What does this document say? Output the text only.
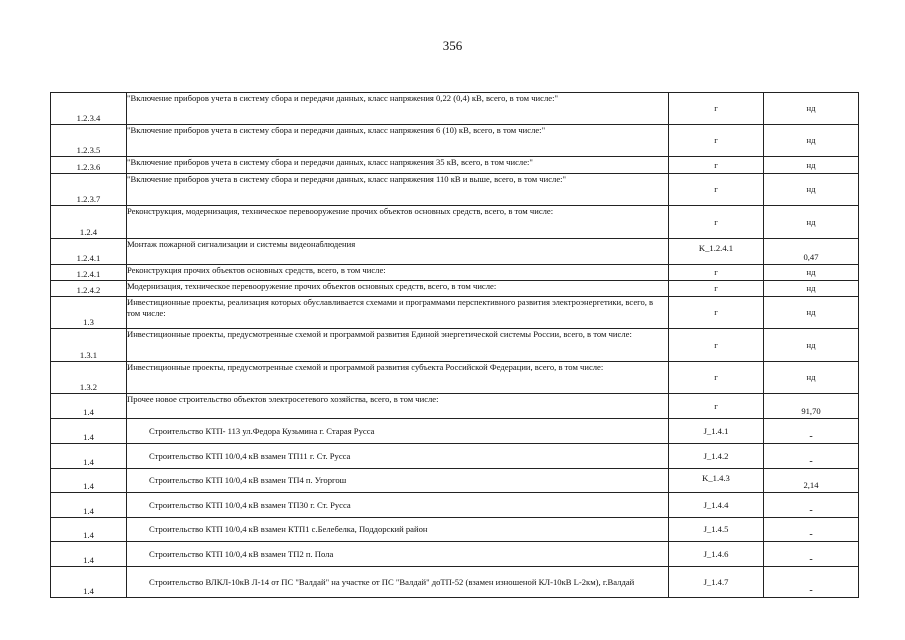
356
1.2.3.4	"Включение приборов учета в систему сбора и передачи данных, класс напряжения 0,22 (0,4) кВ, всего, в том числе:"	г	нд
1.2.3.5	"Включение приборов учета в систему сбора и передачи данных, класс напряжения 6 (10) кВ, всего, в том числе:"	г	нд
1.2.3.6	"Включение приборов учета в систему сбора и передачи данных, класс напряжения 35 кВ, всего, в том числе:"	г	нд
1.2.3.7	"Включение приборов учета в систему сбора и передачи данных, класс напряжения 110 кВ и выше, всего, в том числе:"	г	нд
1.2.4	Реконструкция, модернизация, техническое перевооружение прочих объектов основных средств, всего, в том числе:	г	нд
1.2.4.1	Монтаж пожарной сигнализации и системы видеонаблюдения	K_1.2.4.1	0,47
1.2.4.1	Реконструкция прочих объектов основных средств, всего, в том числе:	г	нд
1.2.4.2	Модернизация, техническое перевооружение прочих объектов основных средств, всего, в том числе:	г	нд
1.3	Инвестиционные проекты, реализация которых обуславливается схемами и программами перспективного развития электроэнергетики, всего, в том числе:	г	нд
1.3.1	Инвестиционные проекты, предусмотренные схемой и программой развития Единой энергетической системы России, всего, в том числе:	г	нд
1.3.2	Инвестиционные проекты, предусмотренные схемой и программой развития субъекта Российской Федерации, всего, в том числе:	г	нд
1.4	Прочее новое строительство объектов электросетевого хозяйства, всего, в том числе:	г	91,70
1.4	Строительство КТП- 113 ул.Федора Кузьмина г. Старая Русса	J_1.4.1	-
1.4	Строительство КТП 10/0,4 кВ взамен ТП11 г. Ст. Русса	J_1.4.2	-
1.4	Строительство КТП 10/0,4 кВ взамен ТП4 п. Угоргош	K_1.4.3	2,14
1.4	Строительство КТП 10/0,4 кВ взамен ТП30 г. Ст. Русса	J_1.4.4	-
1.4	Строительство КТП 10/0,4 кВ взамен КТП1 с.Белебелка, Поддорский район	J_1.4.5	-
1.4	Строительство КТП 10/0,4 кВ взамен ТП2 п. Пола	J_1.4.6	-
1.4	Строительство ВЛКЛ-10кВ Л-14 от ПС "Валдай" на участке от ПС "Валдай" доТП-52 (взамен изношеной КЛ-10кВ L-2км), г.Валдай	J_1.4.7	-
